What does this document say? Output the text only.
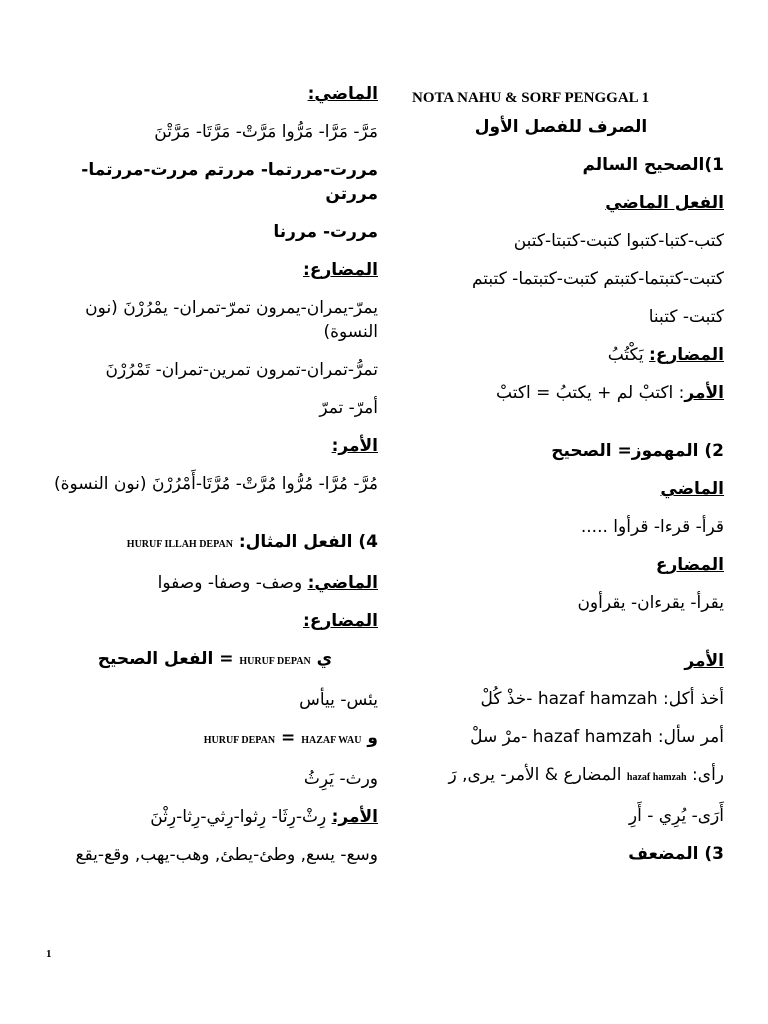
NOTA NAHU & SORF PENGGAL 1
الصرف للفصل الأول
1)الصحيح السالم
الفعل الماضي
كتب-كتبا-كتبوا كتبت-كتبتا-كتبن
كتبت-كتبتما-كتبتم كتبت-كتبتما- كتبتم
كتبت- كتبنا
المضارع: يَكْتُبُ
الأمر: اكتبْ لم + يكتبُ = اكتبْ
2) المهموز= الصحيح
الماضي
قرأ- قرءا- قرأوا .....
المضارع
يقرأ- يقرءان- يقرأون
الأمر
أخذ أكل: hazaf hamzah -خذْ كُلْ
أمر سأل: hazaf hamzah -مرْ سلْ
رأى: hazaf hamzah المضارع & الأمر- يرى, رَ
أَرَى- يُرِي - أَرِ
3) المضعف
الماضي:
مَرَّ- مَرَّا- مَرُّوا مَرَّتْ- مَرَّتَا- مَرَّتْنَ
مررت-مررتما- مررتم مررت-مررتما- مررتن
مررت- مررنا
المضارع:
يمرّ-يمران-يمرون تمرّ-تمران- يمْرُرْنَ (نون النسوة)
تمرُّ-تمران-تمرون تمرين-تمران- تَمْرُرْنَ
أمرّ- تمرّ
الأمر:
مُرَّ- مُرَّا- مُرُّوا مُرَّتْ- مُرَّتَا-أَمْرُرْنَ (نون النسوة)
4) الفعل المثال: HURUF ILLAH DEPAN
الماضي: وصف- وصفا- وصفوا
المضارع:
ي HURUF DEPAN = الفعل الصحيح
يئس- ييأس
و HURUF DEPAN = HAZAF WAU
ورث- يَرِثُ
الأمر: رِثْ-رِثَا- رِثوا-رِثي-رِثا-رِثْنَ
وسع- يسع, وطئ-يطئ, وهب-يهب, وقع-يقع
1
